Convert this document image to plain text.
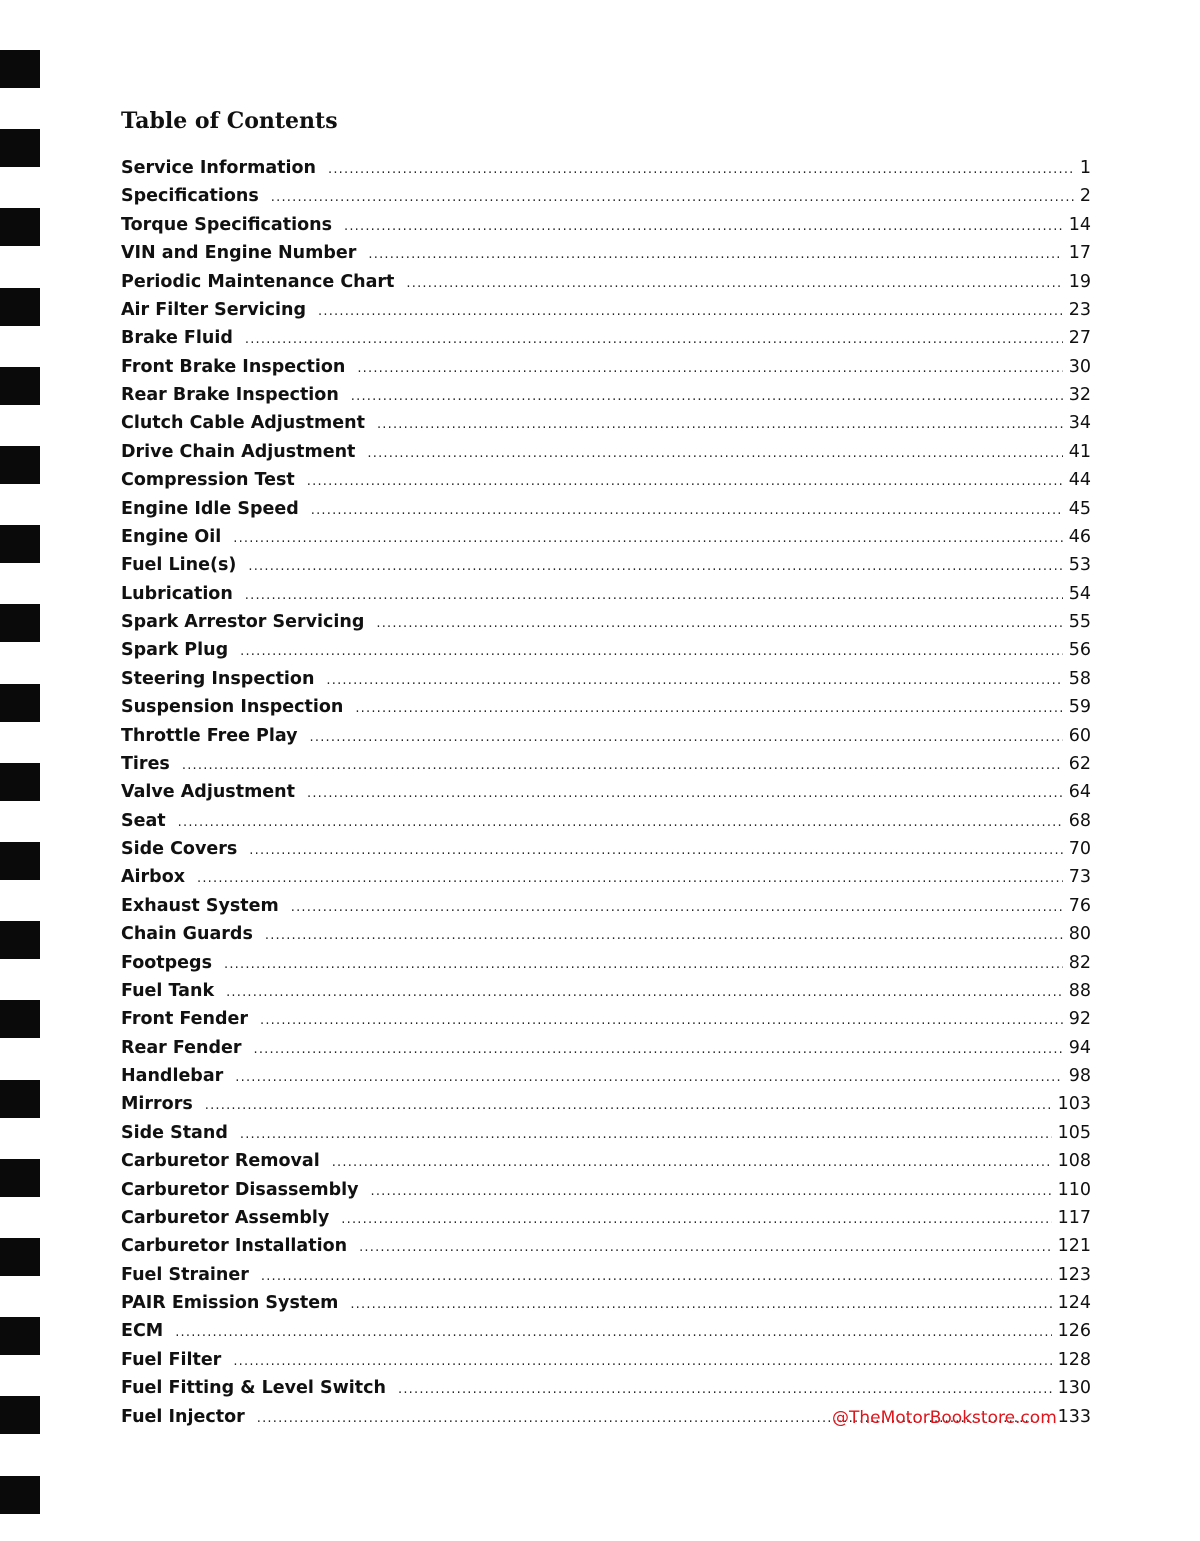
Table of Contents
Service Information .....	1
Specifications .....	2
Torque Specifications .....	14
VIN and Engine Number .....	17
Periodic Maintenance Chart .....	19
Air Filter Servicing .....	23
Brake Fluid .....	27
Front Brake Inspection .....	30
Rear Brake Inspection .....	32
Clutch Cable Adjustment .....	34
Drive Chain Adjustment .....	41
Compression Test .....	44
Engine Idle Speed .....	45
Engine Oil .....	46
Fuel Line(s) .....	53
Lubrication .....	54
Spark Arrestor Servicing .....	55
Spark Plug .....	56
Steering Inspection .....	58
Suspension Inspection .....	59
Throttle Free Play .....	60
Tires .....	62
Valve Adjustment .....	64
Seat .....	68
Side Covers .....	70
Airbox .....	73
Exhaust System .....	76
Chain Guards .....	80
Footpegs .....	82
Fuel Tank .....	88
Front Fender .....	92
Rear Fender .....	94
Handlebar .....	98
Mirrors .....	103
Side Stand .....	105
Carburetor Removal .....	108
Carburetor Disassembly .....	110
Carburetor Assembly .....	117
Carburetor Installation .....	121
Fuel Strainer .....	123
PAIR Emission System .....	124
ECM .....	126
Fuel Filter .....	128
Fuel Fitting & Level Switch .....	130
Fuel Injector .....	133
@TheMotorBookstore.com
